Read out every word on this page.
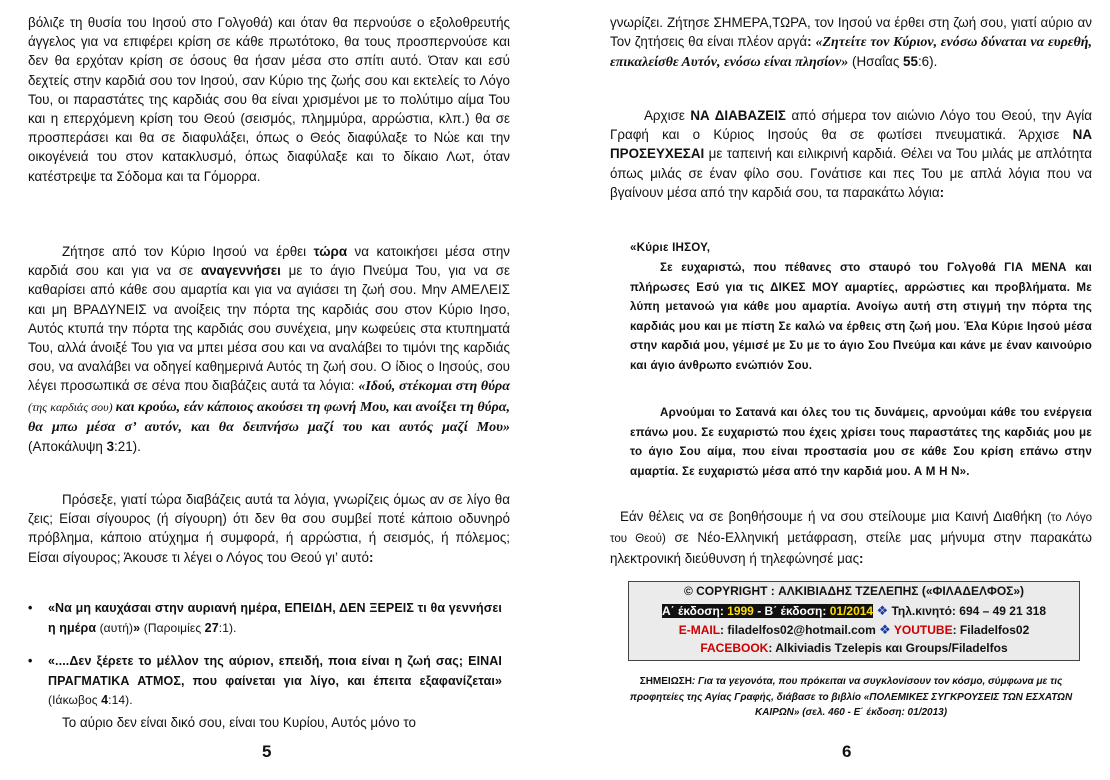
βόλιζε τη θυσία του Ιησού στο Γολγοθά) και όταν θα περνούσε ο εξολοθρευτής άγγελος για να επιφέρει κρίση σε κάθε πρωτότοκο, θα τους προσπερνούσε και δεν θα ερχόταν κρίση σε όσους θα ήσαν μέσα στο σπίτι αυτό. Όταν και εσύ δεχτείς στην καρδιά σου τον Ιησού, σαν Κύριο της ζωής σου και εκτελείς το Λόγο Του, οι παραστάτες της καρδιάς σου θα είναι χρισμένοι με το πολύτιμο αίμα Του και η επερχόμενη κρίση του Θεού (σεισμός, πλημμύρα, αρρώστια, κλπ.) θα σε προσπεράσει και θα σε διαφυλάξει, όπως ο Θεός διαφύλαξε το Νώε και την οικογένειά του στον κατακλυσμό, όπως διαφύλαξε και το δίκαιο Λωτ, όταν κατέστρεψε τα Σόδομα και τα Γόμορρα.

Ζήτησε από τον Κύριο Ιησού να έρθει τώρα να κατοικήσει μέσα στην καρδιά σου και για να σε αναγεννήσει με το άγιο Πνεύμα Του, για να σε καθαρίσει από κάθε σου αμαρτία και για να αγιάσει τη ζωή σου. Μην ΑΜΕΛΕΙΣ και μη ΒΡΑΔΥΝΕΙΣ να ανοίξεις την πόρτα της καρδιάς σου στον Κύριο Ιησο, Αυτός κτυπά την πόρτα της καρδιάς σου συνέχεια, μην κωφεύεις στα κτυπηματά Του, αλλά άνοιξέ Του για να μπει μέσα σου και να αναλάβει το τιμόνι της καρδιάς σου, να αναλάβει να οδηγεί καθημερινά Αυτός τη ζωή σου. Ο ίδιος ο Ιησούς, σου λέγει προσωπικά σε σένα που διαβάζεις αυτά τα λόγια: «Ιδού, στέκομαι στη θύρα (της καρδιάς σου) και κρούω, εάν κάποιος ακούσει τη φωνή Μου, και ανοίξει τη θύρα, θα μπω μέσα σ’ αυτόν, και θα δειπνήσω μαζί του και αυτός μαζί Μου» (Αποκάλυψη 3:21).

Πρόσεξε, γιατί τώρα διαβάζεις αυτά τα λόγια, γνωρίζεις όμως αν σε λίγο θα ζεις; Είσαι σίγουρος (ή σίγουρη) ότι δεν θα σου συμβεί ποτέ κάποιο οδυνηρό πρόβλημα, κάποιο ατύχημα ή συμφορά, ή αρρώστια, ή σεισμός, ή πόλεμος; Είσαι σίγουρος; Άκουσε τι λέγει ο Λόγος του Θεού γι’ αυτό:

• «Να μη καυχάσαι στην αυριανή ημέρα, ΕΠΕΙΔΗ, ΔΕΝ ΞΕΡΕΙΣ τι θα γεννήσει η ημέρα (αυτή)» (Παροιμίες 27:1).
• «....Δεν ξέρετε το μέλλον της αύριον, επειδή, ποια είναι η ζωή σας; ΕΙΝΑΙ ΠΡΑΓΜΑΤΙΚΑ ΑΤΜΟΣ, που φαίνεται για λίγο, και έπειτα εξαφανίζεται» (Ιάκωβος 4:14).

Το αύριο δεν είναι δικό σου, είναι του Κυρίου, Αυτός μόνο το

5

γνωρίζει. Ζήτησε ΣΗΜΕΡΑ,ΤΩΡΑ, τον Ιησού να έρθει στη ζωή σου, γιατί αύριο αν Τον ζητήσεις θα είναι πλέον αργά: «Ζητείτε τον Κύριον, ενόσω δύναται να ευρεθή, επικαλείσθε Αυτόν, ενόσω είναι πλησίον» (Ησαΐας 55:6).

Αρχισε ΝΑ ΔΙΑΒΑΖΕΙΣ από σήμερα τον αιώνιο Λόγο του Θεού, την Αγία Γραφή και ο Κύριος Ιησούς θα σε φωτίσει πνευματικά. Άρχισε ΝΑ ΠΡΟΣΕΥΧΕΣΑΙ με ταπεινή και ειλικρινή καρδιά. Θέλει να Του μιλάς με απλότητα όπως μιλάς σε έναν φίλο σου. Γονάτισε και πες Του με απλά λόγια που να βγαίνουν μέσα από την καρδιά σου, τα παρακάτω λόγια:

«Κύριε ΙΗΣΟΥ,
Σε ευχαριστώ, που πέθανες στο σταυρό του Γολγοθά ΓΙΑ ΜΕΝΑ και πλήρωσες Εσύ για τις ΔΙΚΕΣ ΜΟΥ αμαρτίες, αρρώστιες και προβλήματα. Με λύπη μετανοώ για κάθε μου αμαρτία. Ανοίγω αυτή στη στιγμή την πόρτα της καρδιάς μου και με πίστη Σε καλώ να έρθεις στη ζωή μου. Έλα Κύριε Ιησού μέσα στην καρδιά μου, γέμισέ με Συ με το άγιο Σου Πνεύμα και κάνε με έναν καινούριο και άγιο άνθρωπο ενώπιόν Σου.
Αρνούμαι το Σατανά και όλες του τις δυνάμεις, αρνούμαι κάθε του ενέργεια επάνω μου. Σε ευχαριστώ που έχεις χρίσει τους παραστάτες της καρδιάς μου με το άγιο Σου αίμα, που είναι προστασία μου σε κάθε Σου κρίση επάνω στην αμαρτία. Σε ευχαριστώ μέσα από την καρδιά μου. Α Μ Η Ν».

Εάν θέλεις να σε βοηθήσουμε ή να σου στείλουμε μια Καινή Διαθήκη (το Λόγο του Θεού) σε Νέο-Ελληνική μετάφραση, στείλε μας μήνυμα στην παρακάτω ηλεκτρονική διεύθυνση ή τηλεφώνησέ μας:

6
© COPYRIGHT : ΑΛΚΙΒΙΑΔΗΣ ΤΖΕΛΕΠΗΣ («ΦΙΛΑΔΕΛΦΟΣ»)
Α΄ έκδοση: 1999 - Β΄ έκδοση: 01/2014 ❖ Τηλ.κινητό: 694 – 49 21 318
E-MAIL: filadelfos02@hotmail.com ❖ YOUTUBE: Filadelfos02
FACEBOOK: Alkiviadis Tzelepis και Groups/Filadelfos
ΣΗΜΕΙΩΣΗ: Για τα γεγονότα, που πρόκειται να συγκλονίσουν τον κόσμο, σύμφωνα με τις προφητείες της Αγίας Γραφής, διάβασε το βιβλίο «ΠΟΛΕΜΙΚΕΣ ΣΥΓΚΡΟΥΣΕΙΣ ΤΩΝ ΕΣΧΑΤΩΝ ΚΑΙΡΩΝ» (σελ. 460 - Ε΄ έκδοση: 01/2013)
